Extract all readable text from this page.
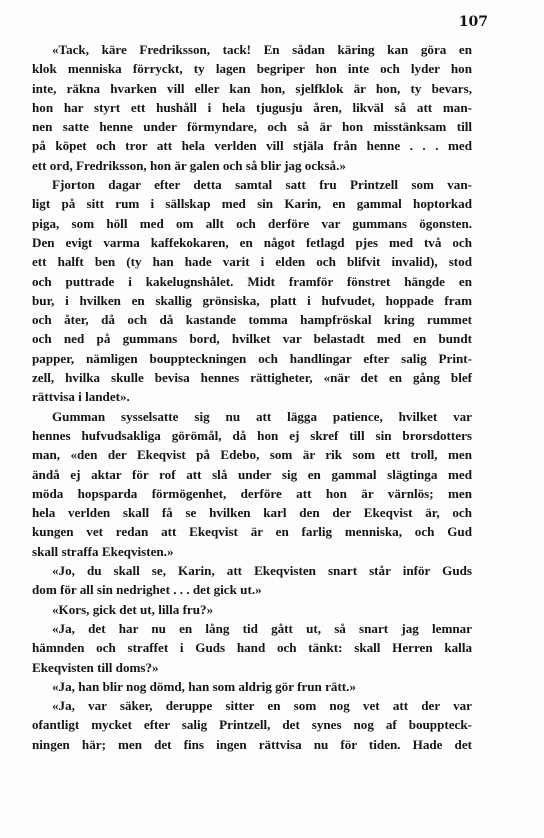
107
«Tack, käre Fredriksson, tack! En sådan käring kan göra en
klok menniska förryckt, ty lagen begriper hon inte och lyder hon
inte, räkna hvarken vill eller kan hon, sjelfklok är hon, ty bevars,
hon har styrt ett hushåll i hela tjugusju åren, likväl så att man-
nen satte henne under förmyndare, och så är hon misstänksam till
på köpet och tror att hela verlden vill stjäla från henne . . . med
ett ord, Fredriksson, hon är galen och så blir jag också.»
Fjorton dagar efter detta samtal satt fru Printzell som van-
ligt på sitt rum i sällskap med sin Karin, en gammal hoptorkad
piga, som höll med om allt och derföre var gummans ögonsten.
Den evigt varma kaffekokaren, en något fetlagd pjes med två och
ett halft ben (ty han hade varit i elden och blifvit invalid), stod
och puttrade i kakelugnshålet. Midt framför fönstret hängde en
bur, i hvilken en skallig grönsiska, platt i hufvudet, hoppade fram
och åter, då och då kastande tomma hampfröskal kring rummet
och ned på gummans bord, hvilket var belastadt med en bundt
papper, nämligen bouppteckningen och handlingar efter salig Print-
zell, hvilka skulle bevisa hennes rättigheter, «när det en gång blef
rättvisa i landet».
Gumman sysselsatte sig nu att lägga patience, hvilket var
hennes hufvudsakliga görömål, då hon ej skref till sin brorsdotters
man, «den der Ekeqvist på Edebo, som är rik som ett troll, men
ändå ej aktar för rof att slå under sig en gammal slägtinga med
möda hopsparda förmögenhet, derföre att hon är värnlös; men
hela verlden skall få se hvilken karl den der Ekeqvist är, och
kungen vet redan att Ekeqvist är en farlig menniska, och Gud
skall straffa Ekeqvisten.»
«Jo, du skall se, Karin, att Ekeqvisten snart står inför Guds
dom för all sin nedrighet . . . det gick ut.»
«Kors, gick det ut, lilla fru?»
«Ja, det har nu en lång tid gått ut, så snart jag lemnar
hämnden och straffet i Guds hand och tänkt: skall Herren kalla
Ekeqvisten till doms?»
«Ja, han blir nog dömd, han som aldrig gör frun rätt.»
«Ja, var säker, deruppe sitter en som nog vet att der var
ofantligt mycket efter salig Printzell, det synes nog af bouppteck-
ningen här; men det fins ingen rättvisa nu för tiden. Hade det
